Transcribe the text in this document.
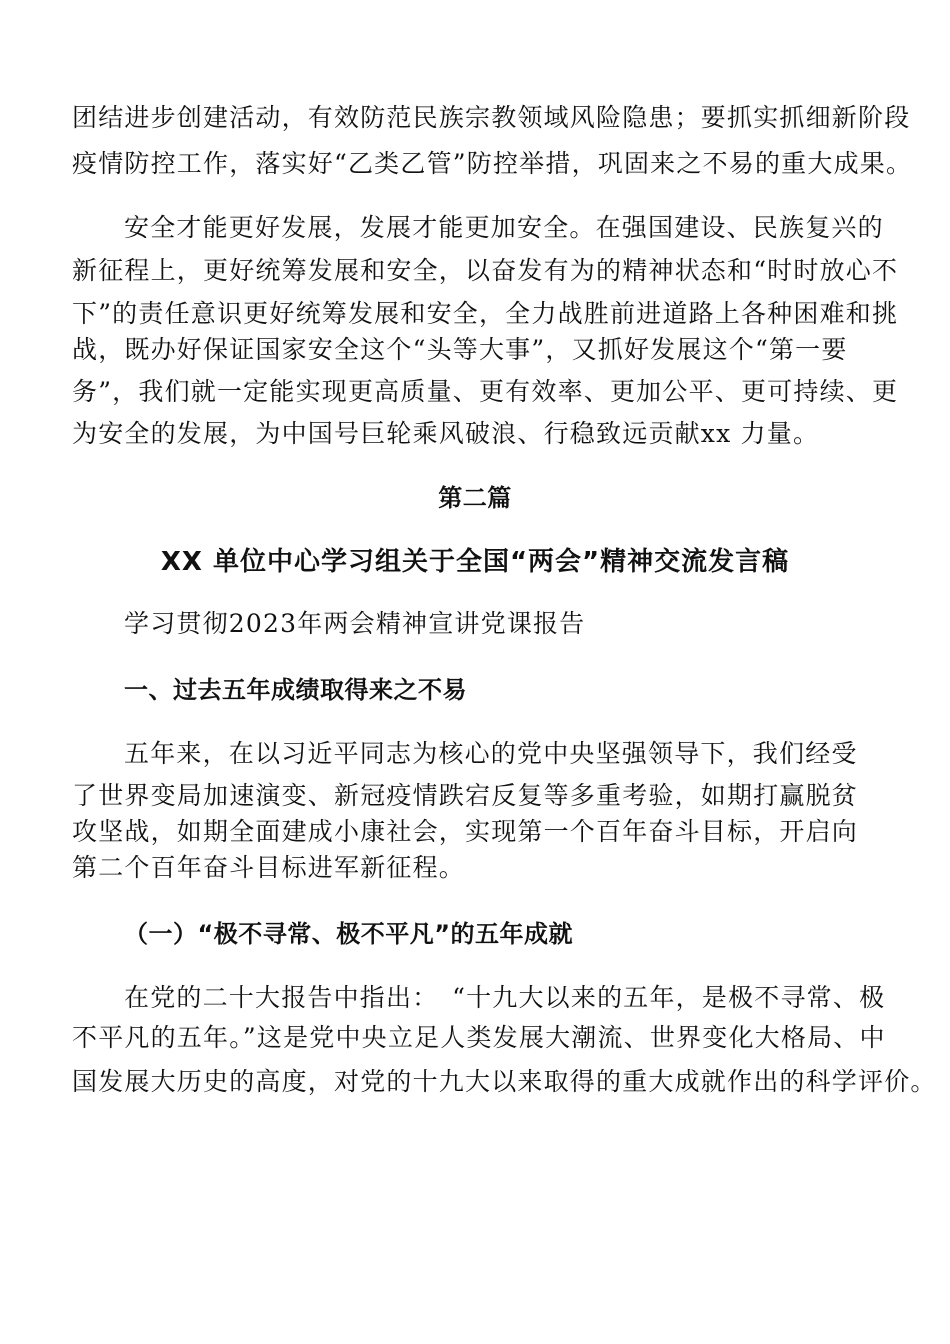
团结进步创建活动，有效防范民族宗教领域风险隐患；要抓实抓细新阶段
疫情防控工作，落实好“乙类乙管”防控举措，巩固来之不易的重大成果。
安全才能更好发展，发展才能更加安全。在强国建设、民族复兴的
新征程上，更好统筹发展和安全，以奋发有为的精神状态和“时时放心不
下”的责任意识更好统筹发展和安全，全力战胜前进道路上各种困难和挑
战，既办好保证国家安全这个“头等大事”，又抓好发展这个“第一要
务”，我们就一定能实现更高质量、更有效率、更加公平、更可持续、更
为安全的发展，为中国号巨轮乘风破浪、行稳致远贡献xx 力量。
第二篇
XX 单位中心学习组关于全国“两会”精神交流发言稿
学习贯彻2023年两会精神宣讲党课报告
一、过去五年成绩取得来之不易
五年来，在以习近平同志为核心的党中央坚强领导下，我们经受
了世界变局加速演变、新冠疫情跌宕反复等多重考验，如期打赢脱贫
攻坚战，如期全面建成小康社会，实现第一个百年奋斗目标，开启向
第二个百年奋斗目标进军新征程。
（一）“极不寻常、极不平凡”的五年成就
在党的二十大报告中指出：　“十九大以来的五年，是极不寻常、极
不平凡的五年。”这是党中央立足人类发展大潮流、世界变化大格局、中
国发展大历史的高度，对党的十九大以来取得的重大成就作出的科学评价。
